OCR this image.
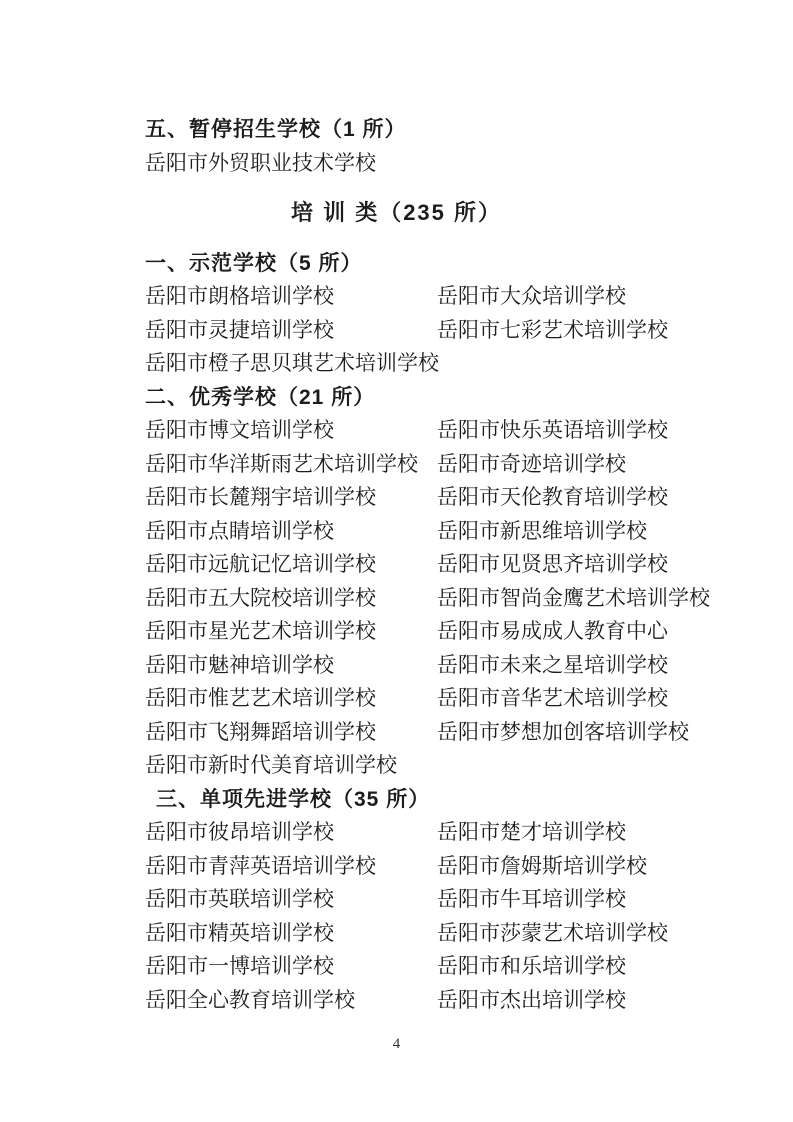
五、暂停招生学校（1 所）
岳阳市外贸职业技术学校
培 训 类（235 所）
一、示范学校（5 所）
岳阳市朗格培训学校	岳阳市大众培训学校
岳阳市灵捷培训学校	岳阳市七彩艺术培训学校
岳阳市橙子思贝琪艺术培训学校
二、优秀学校（21 所）
岳阳市博文培训学校	岳阳市快乐英语培训学校
岳阳市华洋斯雨艺术培训学校 岳阳市奇迹培训学校
岳阳市长麓翔宇培训学校	岳阳市天伦教育培训学校
岳阳市点睛培训学校	岳阳市新思维培训学校
岳阳市远航记忆培训学校	岳阳市见贤思齐培训学校
岳阳市五大院校培训学校	岳阳市智尚金鹰艺术培训学校
岳阳市星光艺术培训学校	岳阳市易成成人教育中心
岳阳市魅神培训学校	岳阳市未来之星培训学校
岳阳市惟艺艺术培训学校	岳阳市音华艺术培训学校
岳阳市飞翔舞蹈培训学校	岳阳市梦想加创客培训学校
岳阳市新时代美育培训学校
三、单项先进学校（35 所）
岳阳市彼昂培训学校	岳阳市楚才培训学校
岳阳市青萍英语培训学校	岳阳市詹姆斯培训学校
岳阳市英联培训学校	岳阳市牛耳培训学校
岳阳市精英培训学校	岳阳市莎蒙艺术培训学校
岳阳市一博培训学校	岳阳市和乐培训学校
岳阳全心教育培训学校	岳阳市杰出培训学校
4
